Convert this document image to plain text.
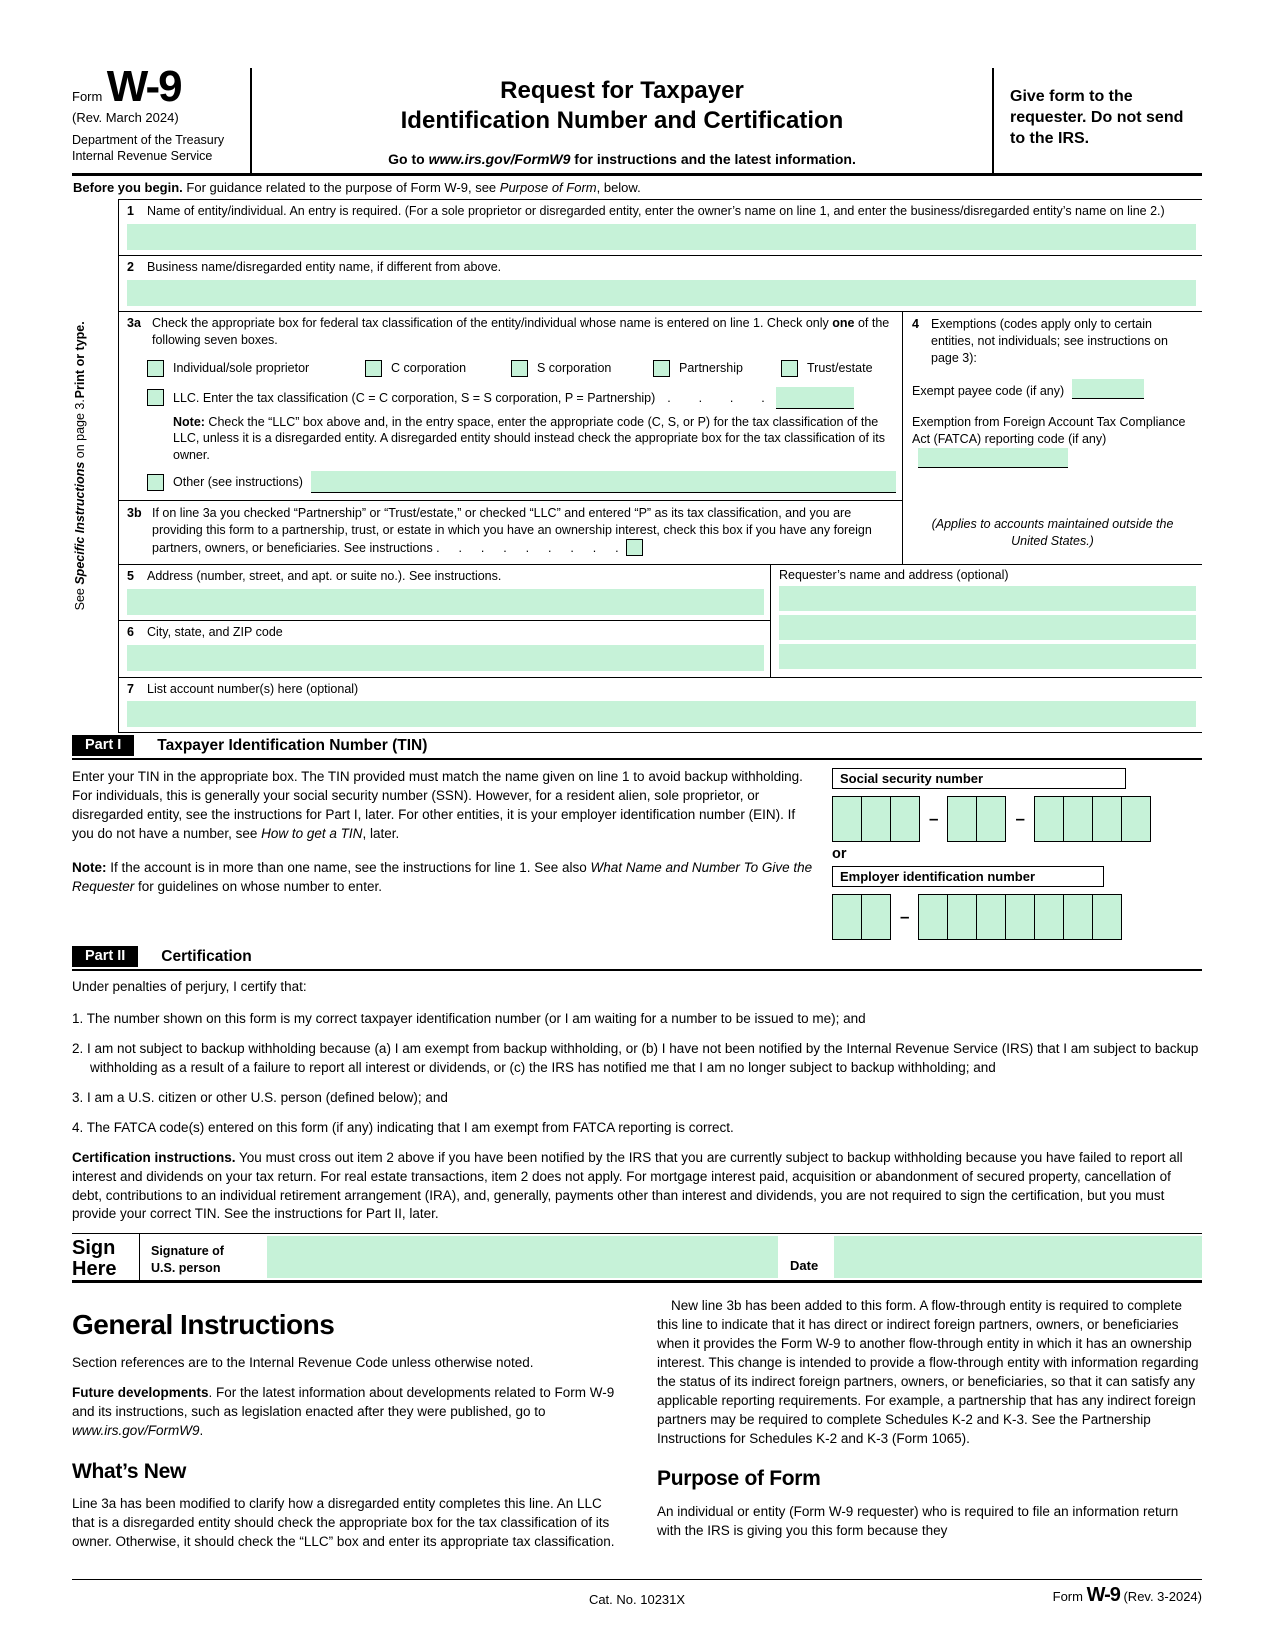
Form W-9
(Rev. March 2024)
Department of the Treasury
Internal Revenue Service
Request for Taxpayer
Identification Number and Certification
Go to www.irs.gov/FormW9 for instructions and the latest information.
Give form to the requester. Do not send to the IRS.
Before you begin. For guidance related to the purpose of Form W-9, see Purpose of Form, below.
See Specific Instructions on page 3.
Print or type.
1	Name of entity/individual. An entry is required. (For a sole proprietor or disregarded entity, enter the owner’s name on line 1, and enter the business/disregarded entity’s name on line 2.)
2	Business name/disregarded entity name, if different from above.
3a Check the appropriate box for federal tax classification of the entity/individual whose name is entered on line 1. Check only one of the following seven boxes.
Individual/sole proprietor	C corporation	S corporation	Partnership	Trust/estate
LLC. Enter the tax classification (C = C corporation, S = S corporation, P = Partnership) .      .      .      .
Note: Check the “LLC” box above and, in the entry space, enter the appropriate code (C, S, or P) for the tax classification of the LLC, unless it is a disregarded entity. A disregarded entity should instead check the appropriate box for the tax classification of its owner.
Other (see instructions)
3b If on line 3a you checked “Partnership” or “Trust/estate,” or checked “LLC” and entered “P” as its tax classification, and you are providing this form to a partnership, trust, or estate in which you have an ownership interest, check this box if you have any foreign partners, owners, or beneficiaries. See instructions .    .    .    .    .    .    .    .    .
4 Exemptions (codes apply only to certain entities, not individuals; see instructions on page 3):
Exempt payee code (if any)
Exemption from Foreign Account Tax Compliance Act (FATCA) reporting code (if any)
(Applies to accounts maintained outside the United States.)
5	Address (number, street, and apt. or suite no.). See instructions.
6	City, state, and ZIP code
Requester’s name and address (optional)
7	List account number(s) here (optional)
Part I	Taxpayer Identification Number (TIN)

Enter your TIN in the appropriate box. The TIN provided must match the name given on line 1 to avoid backup withholding. For individuals, this is generally your social security number (SSN). However, for a resident alien, sole proprietor, or disregarded entity, see the instructions for Part I, later. For other entities, it is your employer identification number (EIN). If you do not have a number, see How to get a TIN, later.

Note: If the account is in more than one name, see the instructions for line 1. See also What Name and Number To Give the Requester for guidelines on whose number to enter.

Social security number
–	–
or
Employer identification number
–
Part II	Certification

Under penalties of perjury, I certify that:

1. The number shown on this form is my correct taxpayer identification number (or I am waiting for a number to be issued to me); and

2. I am not subject to backup withholding because (a) I am exempt from backup withholding, or (b) I have not been notified by the Internal Revenue Service (IRS) that I am subject to backup withholding as a result of a failure to report all interest or dividends, or (c) the IRS has notified me that I am no longer subject to backup withholding; and

3. I am a U.S. citizen or other U.S. person (defined below); and

4. The FATCA code(s) entered on this form (if any) indicating that I am exempt from FATCA reporting is correct.

Certification instructions. You must cross out item 2 above if you have been notified by the IRS that you are currently subject to backup withholding because you have failed to report all interest and dividends on your tax return. For real estate transactions, item 2 does not apply. For mortgage interest paid, acquisition or abandonment of secured property, cancellation of debt, contributions to an individual retirement arrangement (IRA), and, generally, payments other than interest and dividends, you are not required to sign the certification, but you must provide your correct TIN. See the instructions for Part II, later.

Sign
Here
Signature of
U.S. person	Date
General Instructions

Section references are to the Internal Revenue Code unless otherwise noted.

Future developments. For the latest information about developments related to Form W-9 and its instructions, such as legislation enacted after they were published, go to www.irs.gov/FormW9.

What’s New

Line 3a has been modified to clarify how a disregarded entity completes this line. An LLC that is a disregarded entity should check the appropriate box for the tax classification of its owner. Otherwise, it should check the “LLC” box and enter its appropriate tax classification.

New line 3b has been added to this form. A flow-through entity is required to complete this line to indicate that it has direct or indirect foreign partners, owners, or beneficiaries when it provides the Form W-9 to another flow-through entity in which it has an ownership interest. This change is intended to provide a flow-through entity with information regarding the status of its indirect foreign partners, owners, or beneficiaries, so that it can satisfy any applicable reporting requirements. For example, a partnership that has any indirect foreign partners may be required to complete Schedules K-2 and K-3. See the Partnership Instructions for Schedules K-2 and K-3 (Form 1065).

Purpose of Form

An individual or entity (Form W-9 requester) who is required to file an information return with the IRS is giving you this form because they

Cat. No. 10231X	Form W-9 (Rev. 3-2024)
